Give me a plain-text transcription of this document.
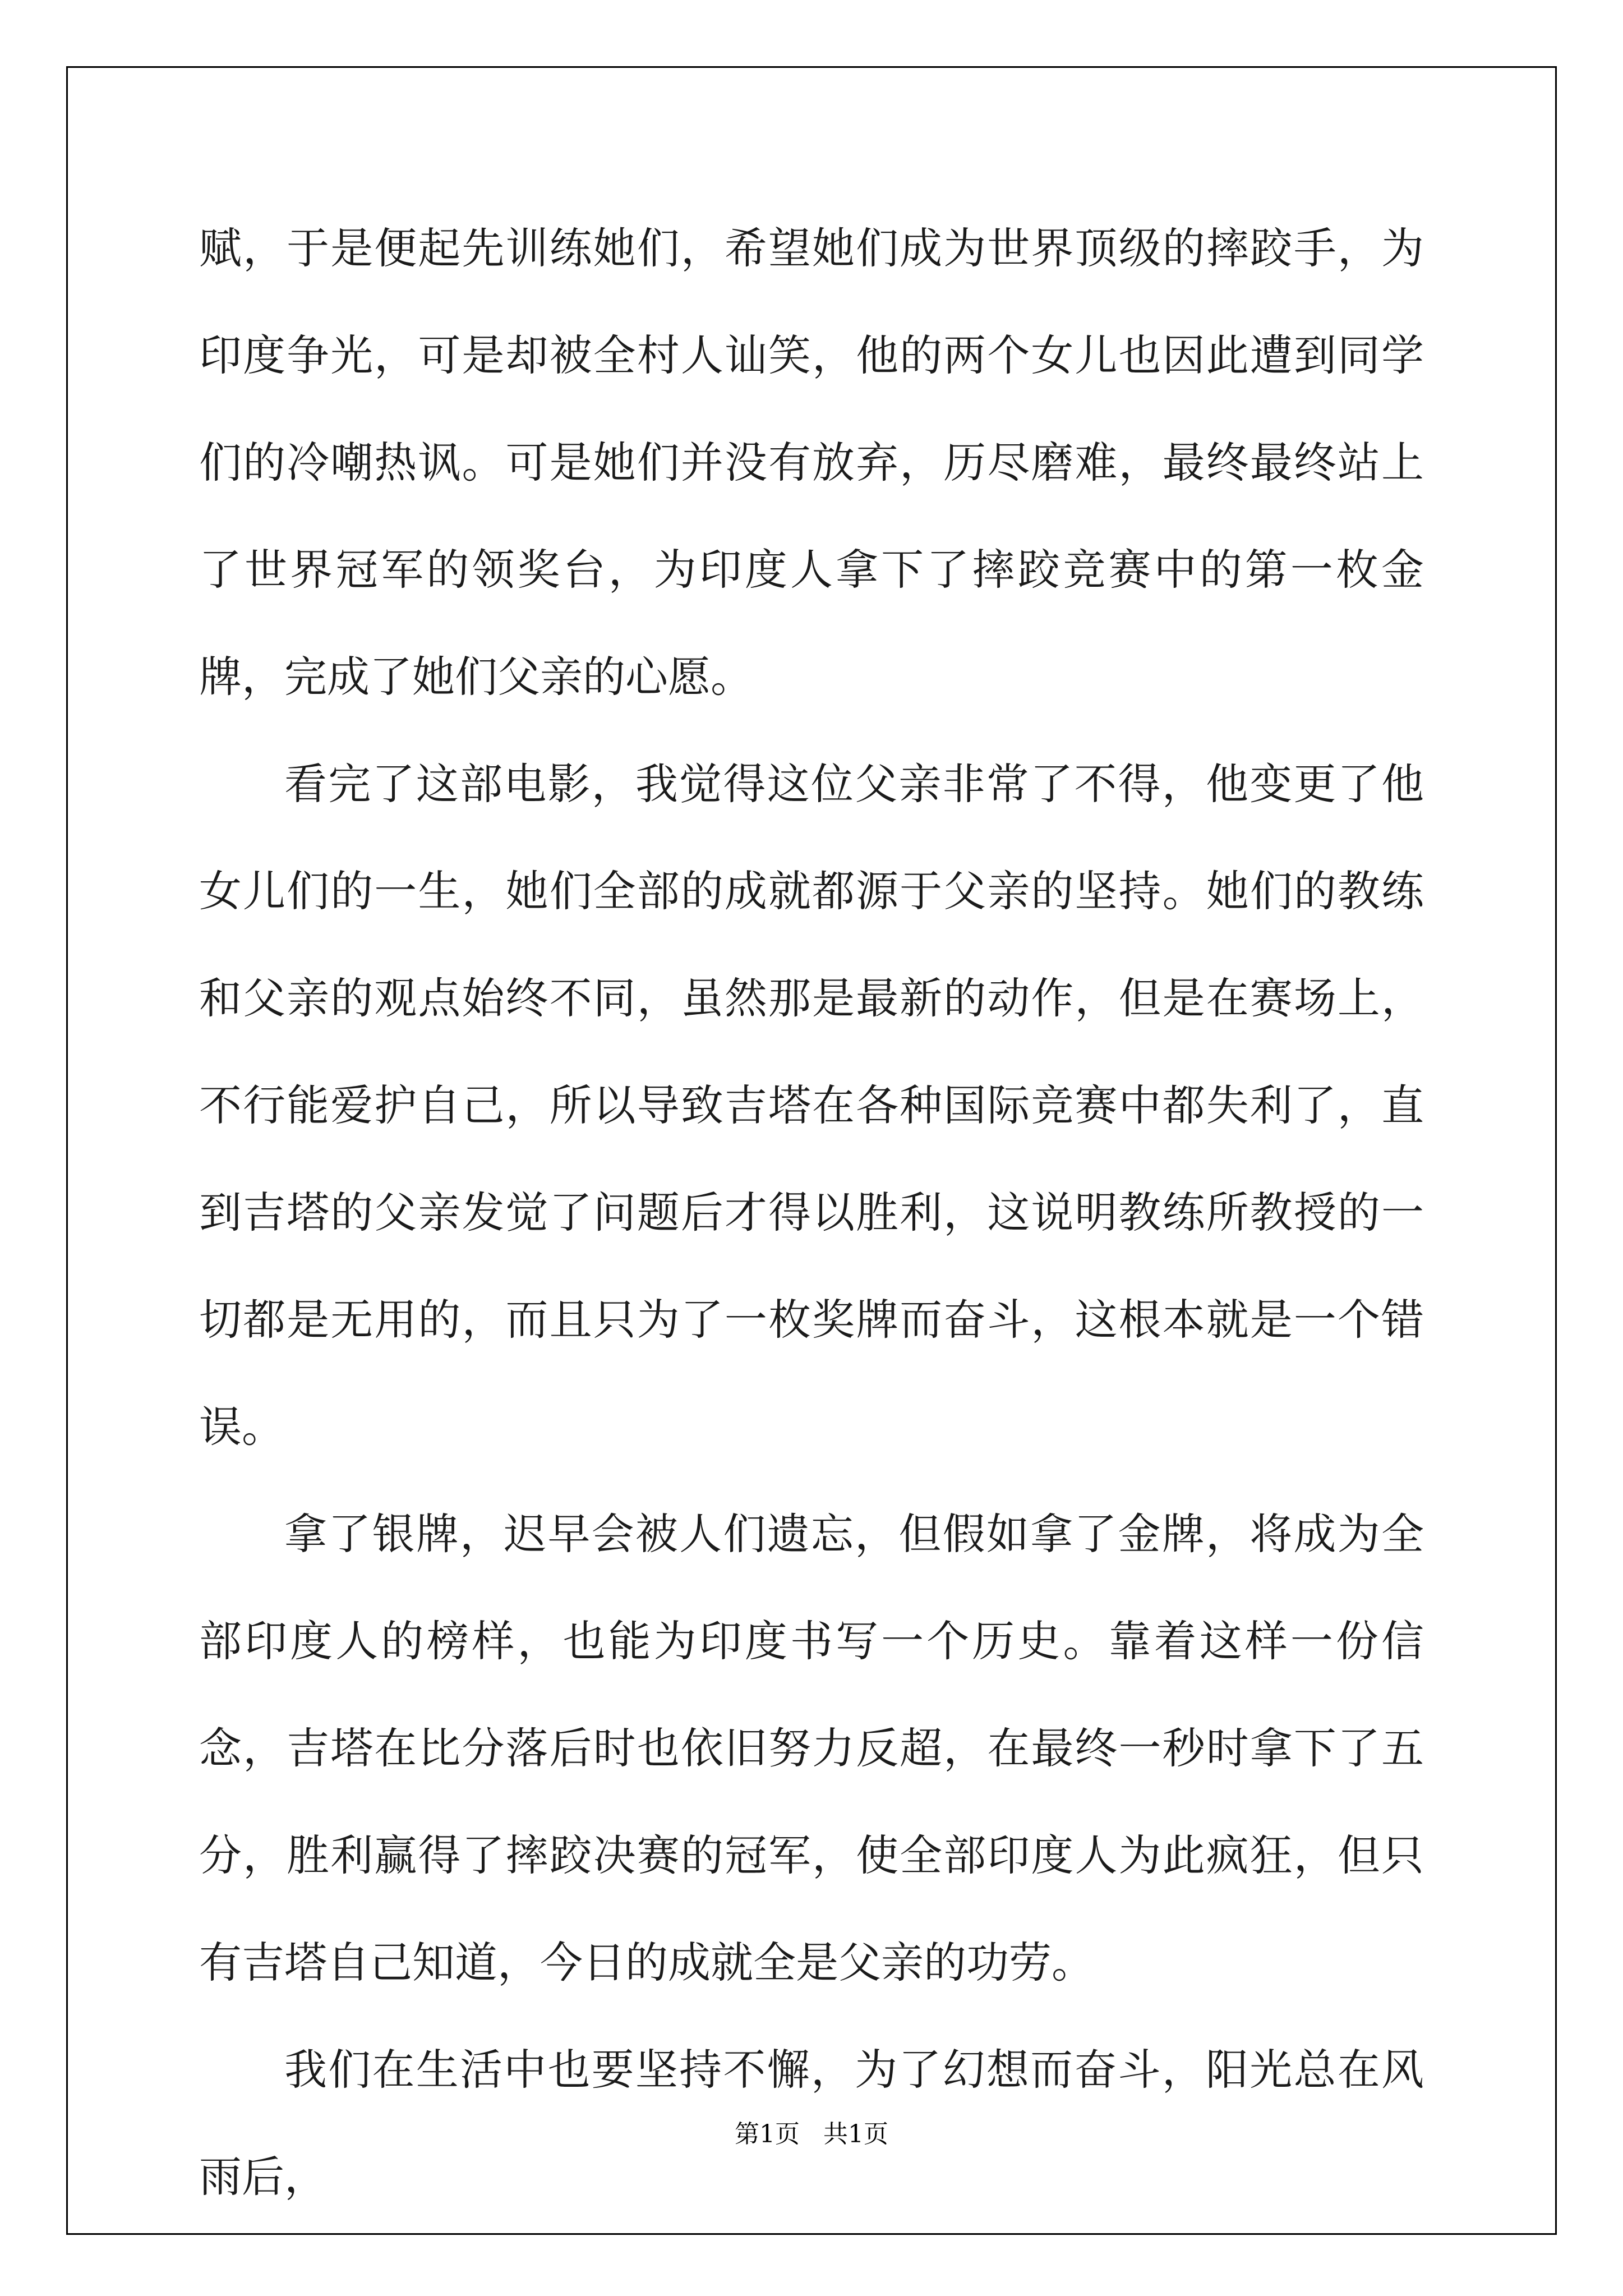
赋，于是便起先训练她们，希望她们成为世界顶级的摔跤手，为印度争光，可是却被全村人讪笑，他的两个女儿也因此遭到同学们的冷嘲热讽。可是她们并没有放弃，历尽磨难，最终最终站上了世界冠军的领奖台，为印度人拿下了摔跤竞赛中的第一枚金牌，完成了她们父亲的心愿。

看完了这部电影，我觉得这位父亲非常了不得，他变更了他女儿们的一生，她们全部的成就都源于父亲的坚持。她们的教练和父亲的观点始终不同，虽然那是最新的动作，但是在赛场上，不行能爱护自己，所以导致吉塔在各种国际竞赛中都失利了，直到吉塔的父亲发觉了问题后才得以胜利，这说明教练所教授的一切都是无用的，而且只为了一枚奖牌而奋斗，这根本就是一个错误。

拿了银牌，迟早会被人们遗忘，但假如拿了金牌，将成为全部印度人的榜样，也能为印度书写一个历史。靠着这样一份信念，吉塔在比分落后时也依旧努力反超，在最终一秒时拿下了五分，胜利赢得了摔跤决赛的冠军，使全部印度人为此疯狂，但只有吉塔自己知道，今日的成就全是父亲的功劳。

我们在生活中也要坚持不懈，为了幻想而奋斗，阳光总在风雨后，

第1页   共1页
